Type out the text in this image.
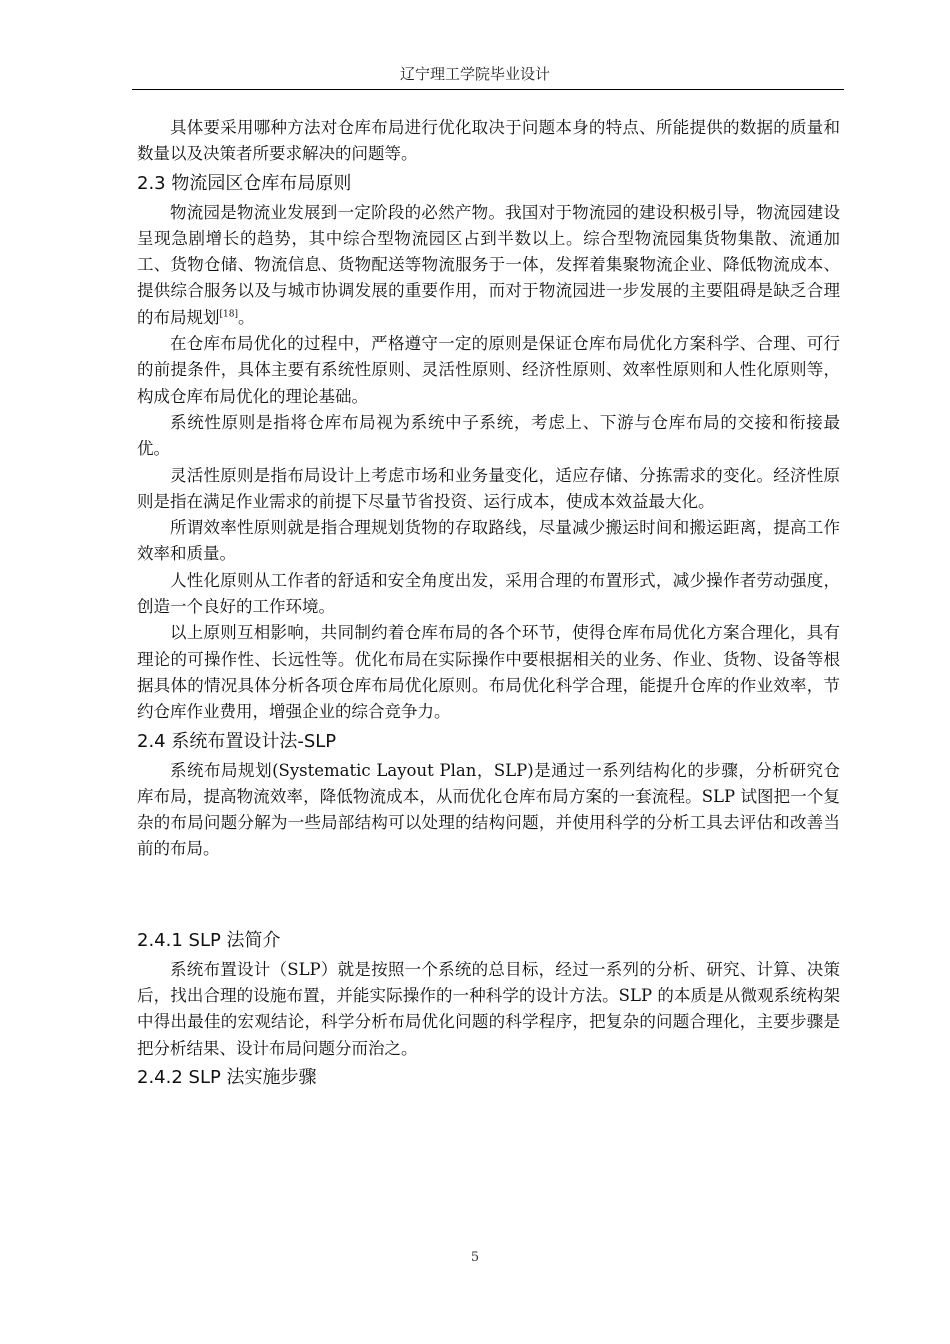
辽宁理工学院毕业设计

具体要采用哪种方法对仓库布局进行优化取决于问题本身的特点、所能提供的数据的质量和数量以及决策者所要求解决的问题等。

2.3 物流园区仓库布局原则

物流园是物流业发展到一定阶段的必然产物。我国对于物流园的建设积极引导，物流园建设呈现急剧增长的趋势，其中综合型物流园区占到半数以上。综合型物流园集货物集散、流通加工、货物仓储、物流信息、货物配送等物流服务于一体，发挥着集聚物流企业、降低物流成本、提供综合服务以及与城市协调发展的重要作用，而对于物流园进一步发展的主要阻碍是缺乏合理的布局规划[18]。

在仓库布局优化的过程中，严格遵守一定的原则是保证仓库布局优化方案科学、合理、可行的前提条件，具体主要有系统性原则、灵活性原则、经济性原则、效率性原则和人性化原则等，构成仓库布局优化的理论基础。

系统性原则是指将仓库布局视为系统中子系统，考虑上、下游与仓库布局的交接和衔接最优。

灵活性原则是指布局设计上考虑市场和业务量变化，适应存储、分拣需求的变化。经济性原则是指在满足作业需求的前提下尽量节省投资、运行成本，使成本效益最大化。

所谓效率性原则就是指合理规划货物的存取路线，尽量减少搬运时间和搬运距离，提高工作效率和质量。

人性化原则从工作者的舒适和安全角度出发，采用合理的布置形式，减少操作者劳动强度，创造一个良好的工作环境。

以上原则互相影响，共同制约着仓库布局的各个环节，使得仓库布局优化方案合理化，具有理论的可操作性、长远性等。优化布局在实际操作中要根据相关的业务、作业、货物、设备等根据具体的情况具体分析各项仓库布局优化原则。布局优化科学合理，能提升仓库的作业效率，节约仓库作业费用，增强企业的综合竞争力。

2.4 系统布置设计法-SLP

系统布局规划(Systematic Layout Plan，SLP)是通过一系列结构化的步骤，分析研究仓库布局，提高物流效率，降低物流成本，从而优化仓库布局方案的一套流程。SLP 试图把一个复杂的布局问题分解为一些局部结构可以处理的结构问题，并使用科学的分析工具去评估和改善当前的布局。

2.4.1 SLP 法简介

系统布置设计（SLP）就是按照一个系统的总目标，经过一系列的分析、研究、计算、决策后，找出合理的设施布置，并能实际操作的一种科学的设计方法。SLP 的本质是从微观系统构架中得出最佳的宏观结论，科学分析布局优化问题的科学程序，把复杂的问题合理化，主要步骤是把分析结果、设计布局问题分而治之。

2.4.2 SLP 法实施步骤
5
